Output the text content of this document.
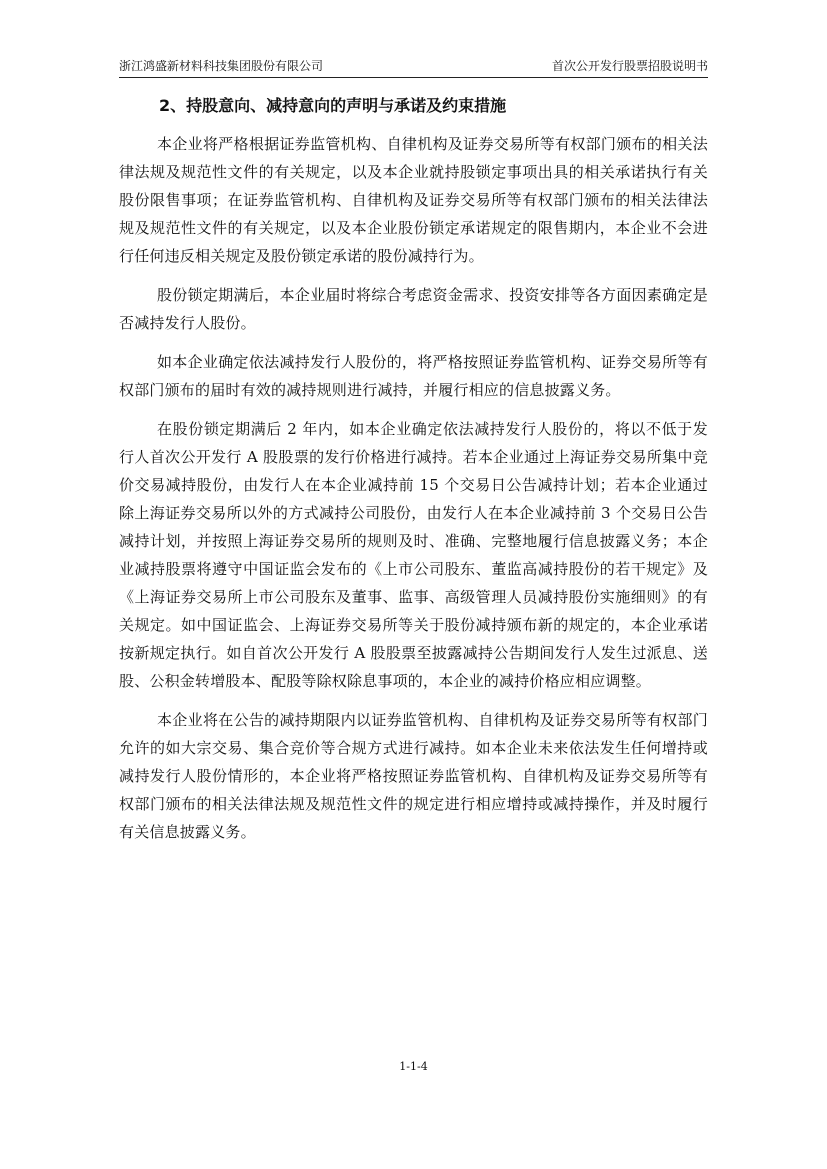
浙江鸿盛新材料科技集团股份有限公司	首次公开发行股票招股说明书
2、持股意向、减持意向的声明与承诺及约束措施

本企业将严格根据证券监管机构、自律机构及证券交易所等有权部门颁布的相关法律法规及规范性文件的有关规定，以及本企业就持股锁定事项出具的相关承诺执行有关股份限售事项；在证券监管机构、自律机构及证券交易所等有权部门颁布的相关法律法规及规范性文件的有关规定，以及本企业股份锁定承诺规定的限售期内，本企业不会进行任何违反相关规定及股份锁定承诺的股份减持行为。

股份锁定期满后，本企业届时将综合考虑资金需求、投资安排等各方面因素确定是否减持发行人股份。

如本企业确定依法减持发行人股份的，将严格按照证券监管机构、证券交易所等有权部门颁布的届时有效的减持规则进行减持，并履行相应的信息披露义务。

在股份锁定期满后 2 年内，如本企业确定依法减持发行人股份的，将以不低于发行人首次公开发行 A 股股票的发行价格进行减持。若本企业通过上海证券交易所集中竞价交易减持股份，由发行人在本企业减持前 15 个交易日公告减持计划；若本企业通过除上海证券交易所以外的方式减持公司股份，由发行人在本企业减持前 3 个交易日公告减持计划，并按照上海证券交易所的规则及时、准确、完整地履行信息披露义务；本企业减持股票将遵守中国证监会发布的《上市公司股东、董监高减持股份的若干规定》及《上海证券交易所上市公司股东及董事、监事、高级管理人员减持股份实施细则》的有关规定。如中国证监会、上海证券交易所等关于股份减持颁布新的规定的，本企业承诺按新规定执行。如自首次公开发行 A 股股票至披露减持公告期间发行人发生过派息、送股、公积金转增股本、配股等除权除息事项的，本企业的减持价格应相应调整。

本企业将在公告的减持期限内以证券监管机构、自律机构及证券交易所等有权部门允许的如大宗交易、集合竞价等合规方式进行减持。如本企业未来依法发生任何增持或减持发行人股份情形的，本企业将严格按照证券监管机构、自律机构及证券交易所等有权部门颁布的相关法律法规及规范性文件的规定进行相应增持或减持操作，并及时履行有关信息披露义务。

1-1-4
